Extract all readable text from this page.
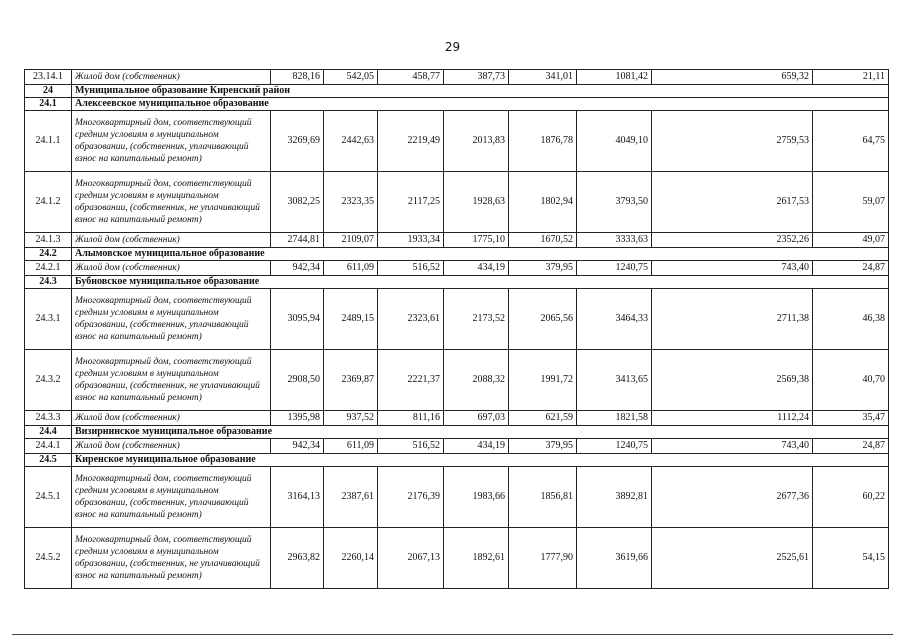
29
23.14.1	Жилой дом (собственник)	828,16	542,05	458,77	387,73	341,01	1081,42	659,32	21,11
24	Муниципальное образование Киренский район								
24.1	Алексеевское муниципальное образование								
24.1.1	Многоквартирный дом, соответствующий средним условиям в муниципальном образовании, (собственник, уплачивающий взнос на капитальный ремонт)	3269,69	2442,63	2219,49	2013,83	1876,78	4049,10	2759,53	64,75
24.1.2	Многоквартирный дом, соответствующий средним условиям в муниципальном образовании, (собственник, не уплачивающий взнос на капитальный ремонт)	3082,25	2323,35	2117,25	1928,63	1802,94	3793,50	2617,53	59,07
24.1.3	Жилой дом (собственник)	2744,81	2109,07	1933,34	1775,10	1670,52	3333,63	2352,26	49,07
24.2	Алымовское муниципальное образование								
24.2.1	Жилой дом (собственник)	942,34	611,09	516,52	434,19	379,95	1240,75	743,40	24,87
24.3	Бубновское муниципальное образование								
24.3.1	Многоквартирный дом, соответствующий средним условиям в муниципальном образовании, (собственник, уплачивающий взнос на капитальный ремонт)	3095,94	2489,15	2323,61	2173,52	2065,56	3464,33	2711,38	46,38
24.3.2	Многоквартирный дом, соответствующий средним условиям в муниципальном образовании, (собственник, не уплачивающий взнос на капитальный ремонт)	2908,50	2369,87	2221,37	2088,32	1991,72	3413,65	2569,38	40,70
24.3.3	Жилой дом (собственник)	1395,98	937,52	811,16	697,03	621,59	1821,58	1112,24	35,47
24.4	Визирнинское муниципальное образование								
24.4.1	Жилой дом (собственник)	942,34	611,09	516,52	434,19	379,95	1240,75	743,40	24,87
24.5	Киренское муниципальное образование								
24.5.1	Многоквартирный дом, соответствующий средним условиям в муниципальном образовании, (собственник, уплачивающий взнос на капитальный ремонт)	3164,13	2387,61	2176,39	1983,66	1856,81	3892,81	2677,36	60,22
24.5.2	Многоквартирный дом, соответствующий средним условиям в муниципальном образовании, (собственник, не уплачивающий взнос на капитальный ремонт)	2963,82	2260,14	2067,13	1892,61	1777,90	3619,66	2525,61	54,15
